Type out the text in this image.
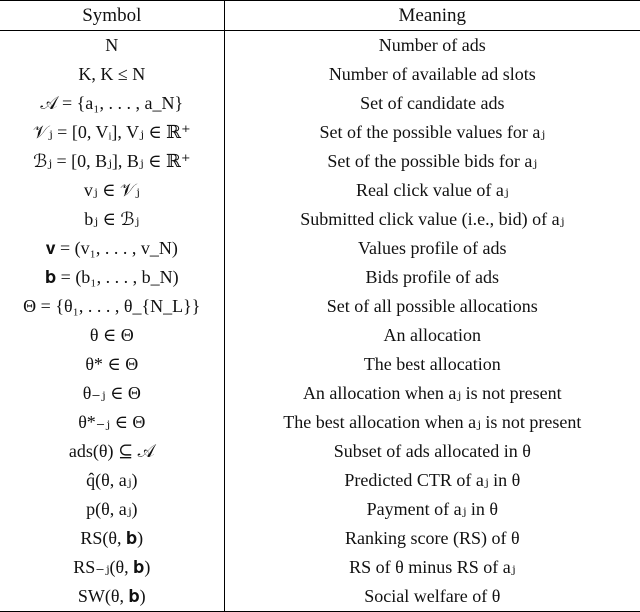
Symbol	Meaning
N	Number of ads
K, K ≤ N	Number of available ad slots
𝒜 = {a₁, . . . , a_N}	Set of candidate ads
𝒱ⱼ = [0, Vᵢ], Vⱼ ∈ ℝ⁺	Set of the possible values for aⱼ
ℬⱼ = [0, Bⱼ], Bⱼ ∈ ℝ⁺	Set of the possible bids for aⱼ
vⱼ ∈ 𝒱ⱼ	Real click value of aⱼ
bⱼ ∈ ℬⱼ	Submitted click value (i.e., bid) of aⱼ
𝐯 = (v₁, . . . , v_N)	Values profile of ads
𝐛 = (b₁, . . . , b_N)	Bids profile of ads
Θ = {θ₁, . . . , θ_{N_L}}	Set of all possible allocations
θ ∈ Θ	An allocation
θ* ∈ Θ	The best allocation
θ₋ⱼ ∈ Θ	An allocation when aⱼ is not present
θ*₋ⱼ ∈ Θ	The best allocation when aⱼ is not present
ads(θ) ⊆ 𝒜	Subset of ads allocated in θ
q̂(θ, aⱼ)	Predicted CTR of aⱼ in θ
p(θ, aⱼ)	Payment of aⱼ in θ
RS(θ, 𝐛)	Ranking score (RS) of θ
RS₋ⱼ(θ, 𝐛)	RS of θ minus RS of aⱼ
SW(θ, 𝐛)	Social welfare of θ
